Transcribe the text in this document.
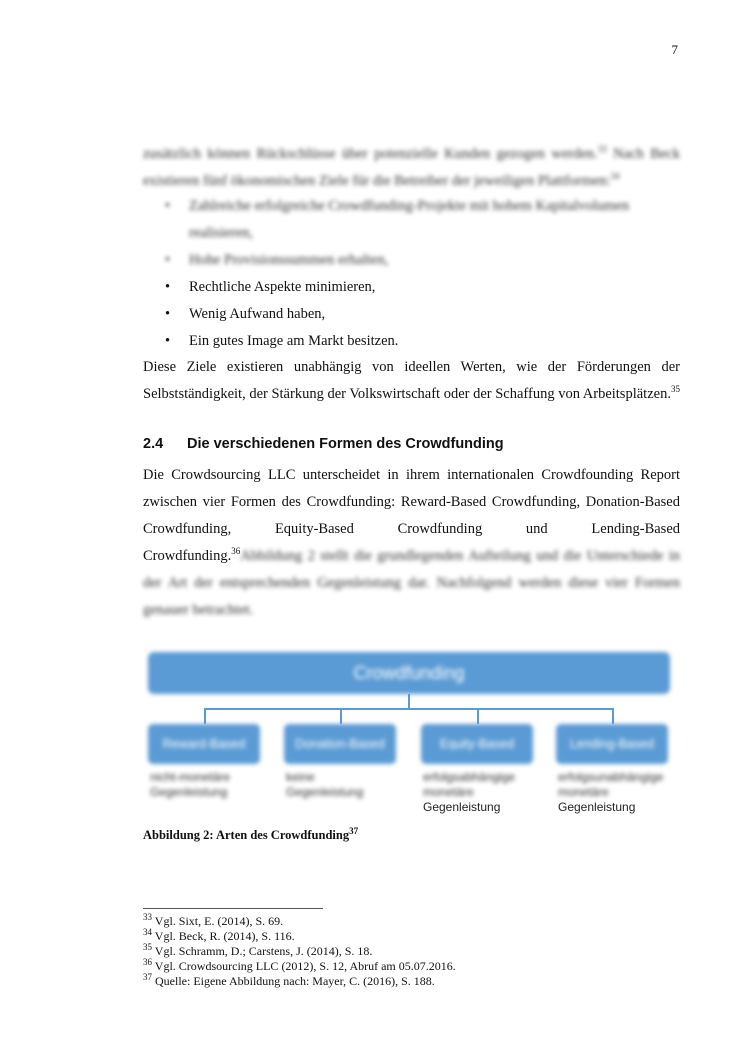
7

zusätzlich können Rückschlüsse über potenzielle Kunden gezogen werden.$^{33}$ Nach Beck existieren fünf ökonomischen Ziele für die Betreiber der jeweiligen Plattformen:$^{34}$

• Zahlreiche erfolgreiche Crowdfunding-Projekte mit hohem Kapitalvolumen realisieren,
• Hohe Provisionssummen erhalten,
• Rechtliche Aspekte minimieren,
• Wenig Aufwand haben,
• Ein gutes Image am Markt besitzen.

Diese Ziele existieren unabhängig von ideellen Werten, wie der Förderungen der Selbstständigkeit, der Stärkung der Volkswirtschaft oder der Schaffung von Arbeitsplätzen.$^{35}$

2.4 Die verschiedenen Formen des Crowdfunding

Die Crowdsourcing LLC unterscheidet in ihrem internationalen Crowdfounding Report zwischen vier Formen des Crowdfunding: Reward-Based Crowdfunding, Donation-Based Crowdfunding, Equity-Based Crowdfunding und Lending-Based Crowdfunding.$^{36}$Abbildung 2 stellt die grundlegenden Aufteilung und die Unterschiede in der Art der entsprechenden Gegenleistung dar. Nachfolgend werden diese vier Formen genauer betrachtet.

Crowdfunding
Reward-Based	Donation-Based	Equity-Based	Lending-Based
nicht-monetäre
Gegenleistung
keine
Gegenleistung
erfolgsabhängige
monetäre
Gegenleistung
erfolgsunabhängige
monetäre
Gegenleistung
Abbildung 2: Arten des Crowdfunding$^{37}$
$^{33}$ Vgl. Sixt, E. (2014), S. 69.
$^{34}$ Vgl. Beck, R. (2014), S. 116.
$^{35}$ Vgl. Schramm, D.; Carstens, J. (2014), S. 18.
$^{36}$ Vgl. Crowdsourcing LLC (2012), S. 12, Abruf am 05.07.2016.
$^{37}$ Quelle: Eigene Abbildung nach: Mayer, C. (2016), S. 188.
